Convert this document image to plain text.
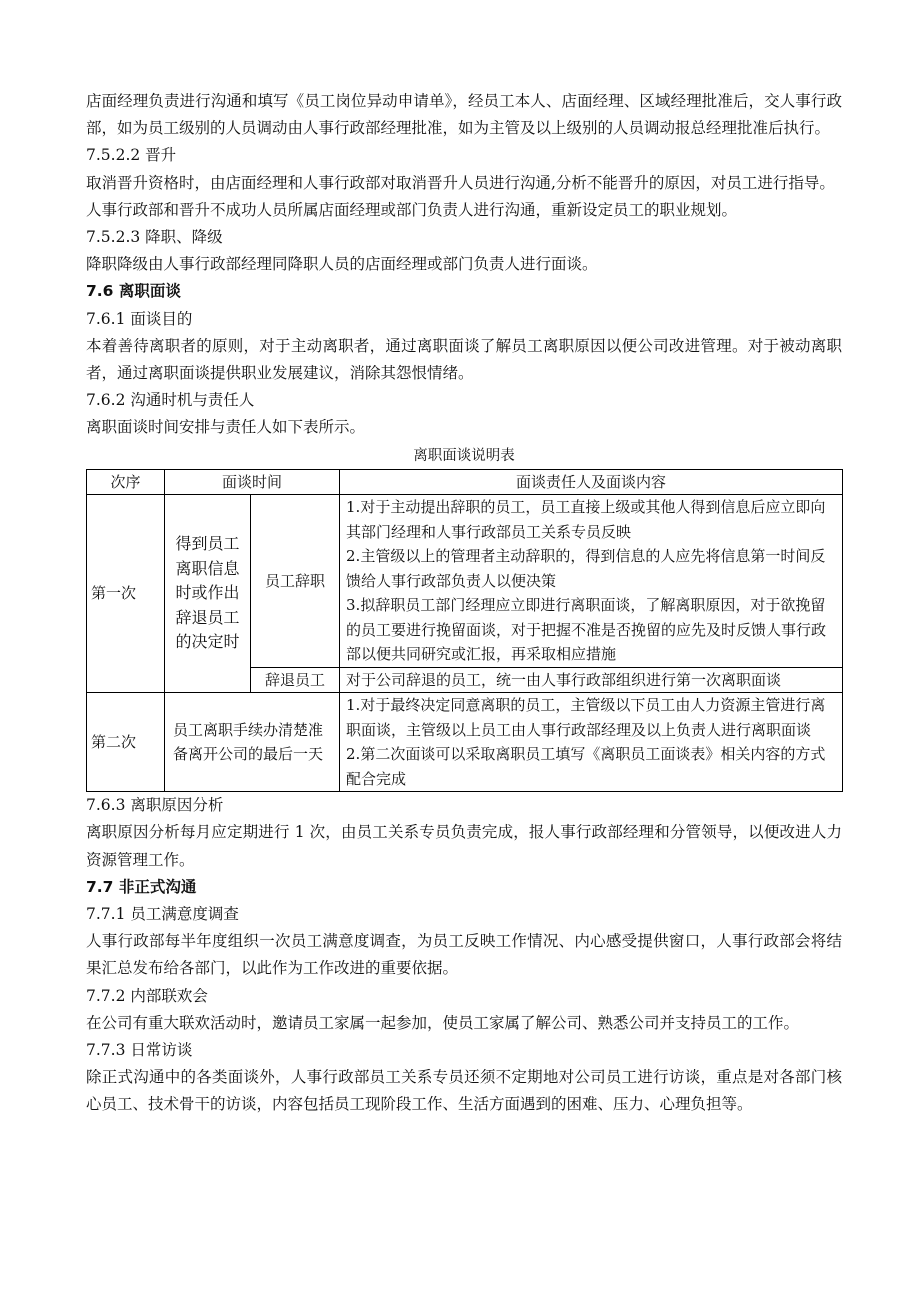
店面经理负责进行沟通和填写《员工岗位异动申请单》，经员工本人、店面经理、区域经理批准后，交人事行政部，如为员工级别的人员调动由人事行政部经理批准，如为主管及以上级别的人员调动报总经理批准后执行。

7.5.2.2 晋升

取消晋升资格时，由店面经理和人事行政部对取消晋升人员进行沟通,分析不能晋升的原因，对员工进行指导。

人事行政部和晋升不成功人员所属店面经理或部门负责人进行沟通，重新设定员工的职业规划。

7.5.2.3 降职、降级

降职降级由人事行政部经理同降职人员的店面经理或部门负责人进行面谈。

7.6 离职面谈

7.6.1 面谈目的

本着善待离职者的原则，对于主动离职者，通过离职面谈了解员工离职原因以便公司改进管理。对于被动离职者，通过离职面谈提供职业发展建议，消除其怨恨情绪。

7.6.2 沟通时机与责任人

离职面谈时间安排与责任人如下表所示。

离职面谈说明表
次序	面谈时间		面谈责任人及面谈内容
第一次	得到员工离职信息时或作出辞退员工的决定时	员工辞职	1.对于主动提出辞职的员工，员工直接上级或其他人得到信息后应立即向其部门经理和人事行政部员工关系专员反映
2.主管级以上的管理者主动辞职的，得到信息的人应先将信息第一时间反馈给人事行政部负责人以便决策
3.拟辞职员工部门经理应立即进行离职面谈，了解离职原因，对于欲挽留的员工要进行挽留面谈，对于把握不准是否挽留的应先及时反馈人事行政部以便共同研究或汇报，再采取相应措施

		辞退员工	对于公司辞退的员工，统一由人事行政部组织进行第一次离职面谈
第二次	员工离职手续办清楚准备离开公司的最后一天		1.对于最终决定同意离职的员工，主管级以下员工由人力资源主管进行离职面谈，主管级以上员工由人事行政部经理及以上负责人进行离职面谈
2.第二次面谈可以采取离职员工填写《离职员工面谈表》相关内容的方式配合完成

7.6.3 离职原因分析

离职原因分析每月应定期进行 1 次，由员工关系专员负责完成，报人事行政部经理和分管领导，以便改进人力资源管理工作。

7.7 非正式沟通

7.7.1 员工满意度调查

人事行政部每半年度组织一次员工满意度调查，为员工反映工作情况、内心感受提供窗口，人事行政部会将结果汇总发布给各部门，以此作为工作改进的重要依据。

7.7.2 内部联欢会

在公司有重大联欢活动时，邀请员工家属一起参加，使员工家属了解公司、熟悉公司并支持员工的工作。

7.7.3 日常访谈

除正式沟通中的各类面谈外，人事行政部员工关系专员还须不定期地对公司员工进行访谈，重点是对各部门核心员工、技术骨干的访谈，内容包括员工现阶段工作、生活方面遇到的困难、压力、心理负担等。
